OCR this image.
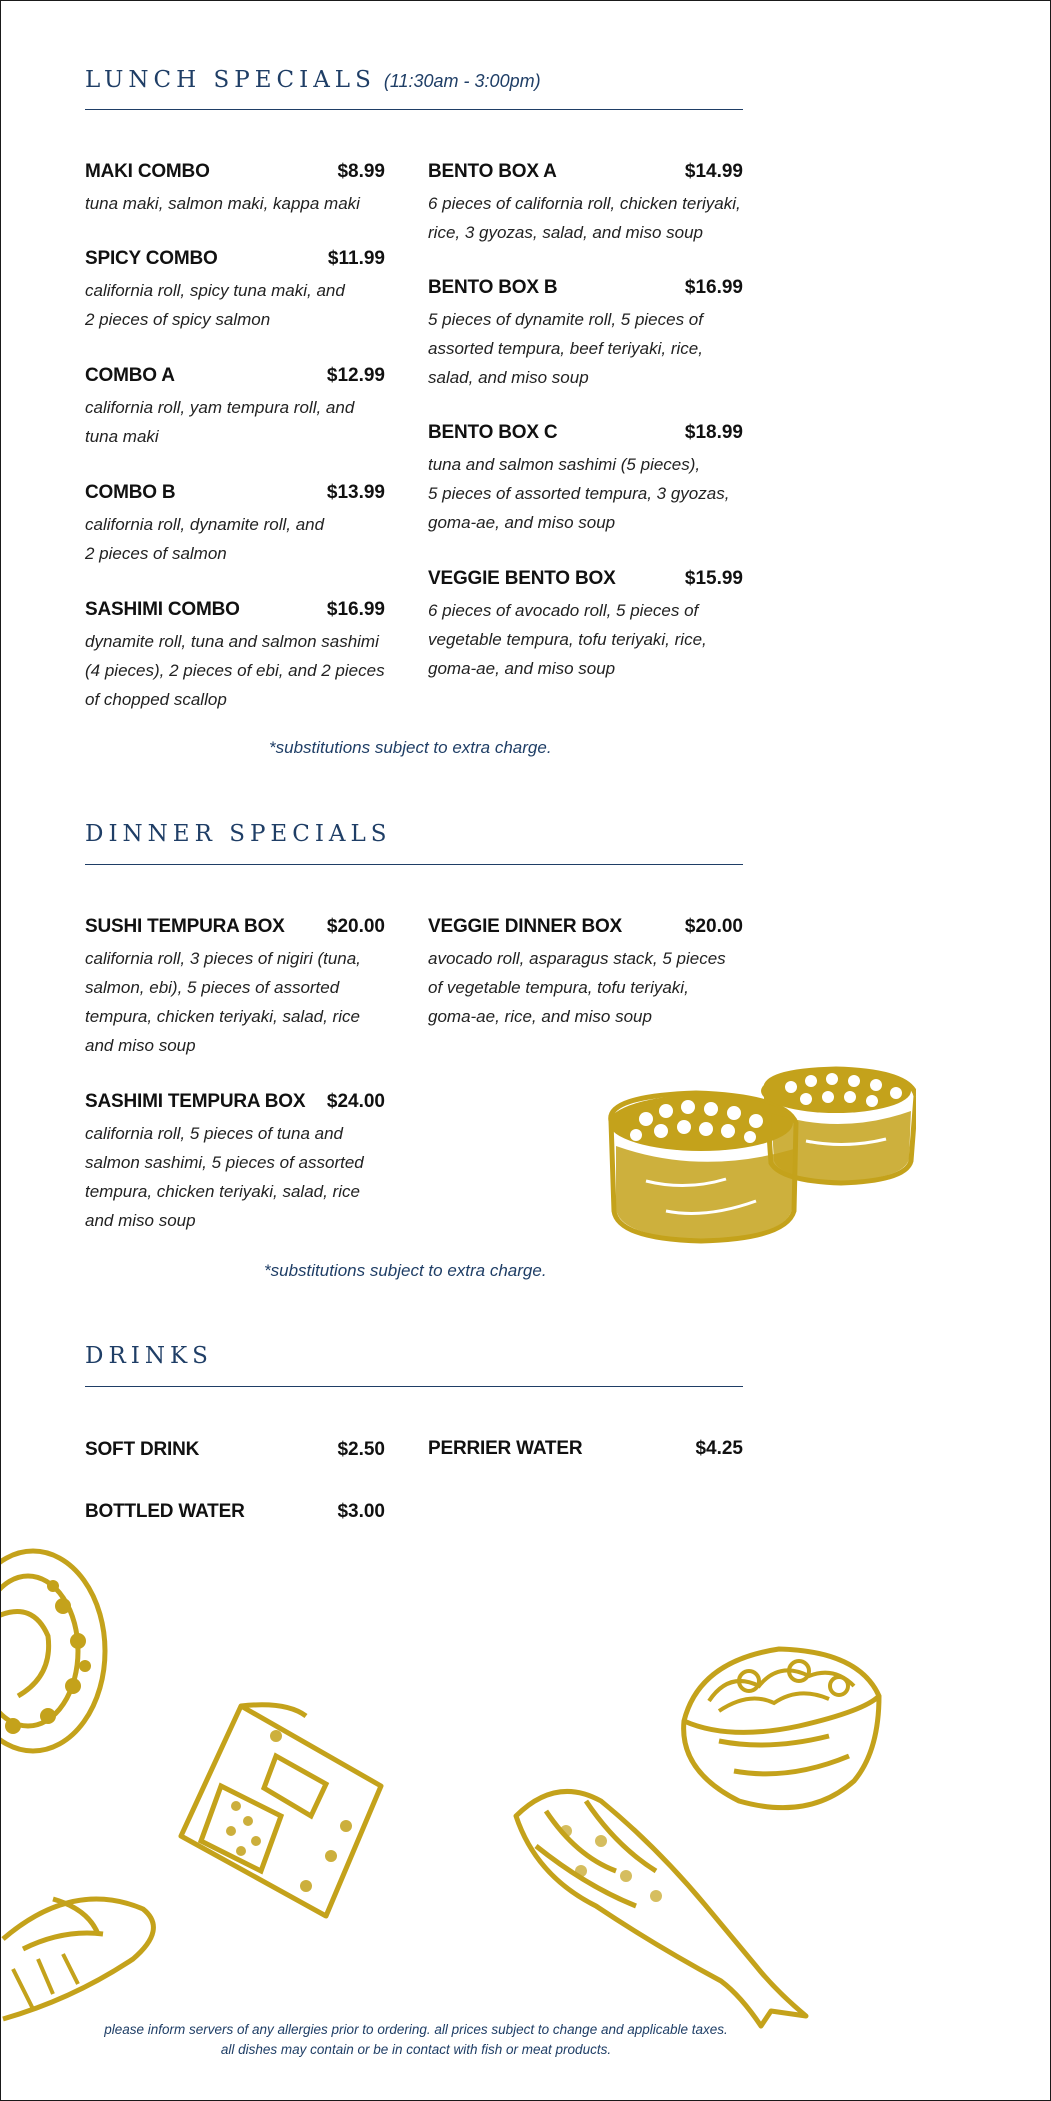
LUNCH SPECIALS (11:30am - 3:00pm)
MAKI COMBO	$8.99
tuna maki, salmon maki, kappa maki
SPICY COMBO	$11.99
california roll, spicy tuna maki, and
2 pieces of spicy salmon
COMBO A	$12.99
california roll, yam tempura roll, and
tuna maki
COMBO B	$13.99
california roll, dynamite roll, and
2 pieces of salmon
SASHIMI COMBO	$16.99
dynamite roll, tuna and salmon sashimi
(4 pieces), 2 pieces of ebi, and 2 pieces
of chopped scallop
BENTO BOX A	$14.99
6 pieces of california roll, chicken teriyaki,
rice, 3 gyozas, salad, and miso soup
BENTO BOX B	$16.99
5 pieces of dynamite roll, 5 pieces of
assorted tempura, beef teriyaki, rice,
salad, and miso soup
BENTO BOX C	$18.99
tuna and salmon sashimi (5 pieces),
5 pieces of assorted tempura, 3 gyozas,
goma-ae, and miso soup
VEGGIE BENTO BOX	$15.99
6 pieces of avocado roll, 5 pieces of
vegetable tempura, tofu teriyaki, rice,
goma-ae, and miso soup
*substitutions subject to extra charge.
DINNER SPECIALS
SUSHI TEMPURA BOX $20.00
california roll, 3 pieces of nigiri (tuna,
salmon, ebi), 5 pieces of assorted
tempura, chicken teriyaki, salad, rice
and miso soup
SASHIMI TEMPURA BOX $24.00
california roll, 5 pieces of tuna and
salmon sashimi, 5 pieces of assorted
tempura, chicken teriyaki, salad, rice
and miso soup
VEGGIE DINNER BOX	$20.00
avocado roll, asparagus stack, 5 pieces
of vegetable tempura, tofu teriyaki,
goma-ae, rice, and miso soup
*substitutions subject to extra charge.
DRINKS
SOFT DRINK	$2.50
BOTTLED WATER	$3.00
PERRIER WATER	$4.25
please inform servers of any allergies prior to ordering. all prices subject to change and applicable taxes.
all dishes may contain or be in contact with fish or meat products.
